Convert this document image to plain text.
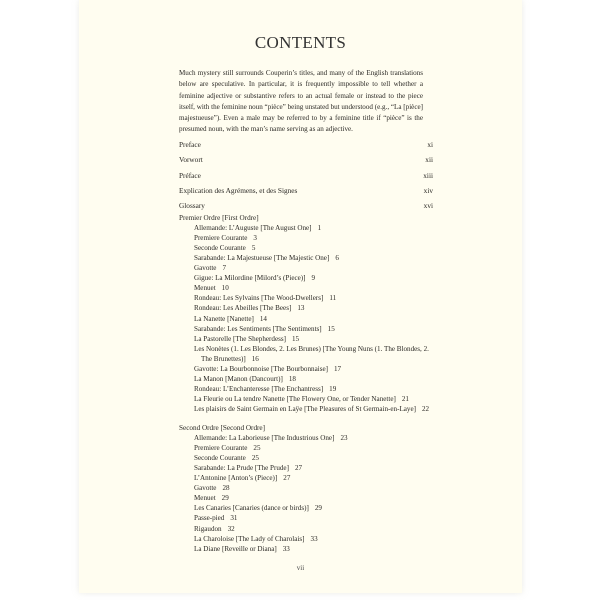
CONTENTS
Much mystery still surrounds Couperin’s titles, and many of the English translations below are speculative. In particular, it is frequently impossible to tell whether a feminine adjective or substantive refers to an actual female or instead to the piece itself, with the feminine noun “pièce” being unstated but understood (e.g., “La [pièce] majestueuse”). Even a male may be referred to by a feminine title if “pièce” is the presumed noun, with the man’s name serving as an adjective.
Preface	xi
Vorwort	xii
Préface	xiii
Explication des Agrémens, et des Signes	xiv
Glossary	xvi
Premier Ordre [First Ordre]
Allemande: L’Auguste [The August One] 1
Premiere Courante 3
Seconde Courante 5
Sarabande: La Majestueuse [The Majestic One] 6
Gavotte 7
Gigue: La Milordine [Milord’s (Piece)] 9
Menuet 10
Rondeau: Les Sylvains [The Wood-Dwellers] 11
Rondeau: Les Abeilles [The Bees] 13
La Nanette [Nanette] 14
Sarabande: Les Sentiments [The Sentiments] 15
La Pastorelle [The Shepherdess] 15
Les Nonètes (1. Les Blondes, 2. Les Brunes) [The Young Nuns (1. The Blondes, 2. The Brunettes)] 16
Gavotte: La Bourbonnoise [The Bourbonnaise] 17
La Manon [Manon (Dancourt)] 18
Rondeau: L’Enchanteresse [The Enchantress] 19
La Fleurie ou La tendre Nanette [The Flowery One, or Tender Nanette] 21
Les plaisirs de Saint Germain en Laÿe [The Pleasures of St Germain-en-Laye] 22
Second Ordre [Second Ordre]
Allemande: La Laborieuse [The Industrious One] 23
Premiere Courante 25
Seconde Courante 25
Sarabande: La Prude [The Prude] 27
L’Antonine [Anton’s (Piece)] 27
Gavotte 28
Menuet 29
Les Canaries [Canaries (dance or birds)] 29
Passe-pied 31
Rigaudon 32
La Charoloise [The Lady of Charolais] 33
La Diane [Reveille or Diana] 33
vii
